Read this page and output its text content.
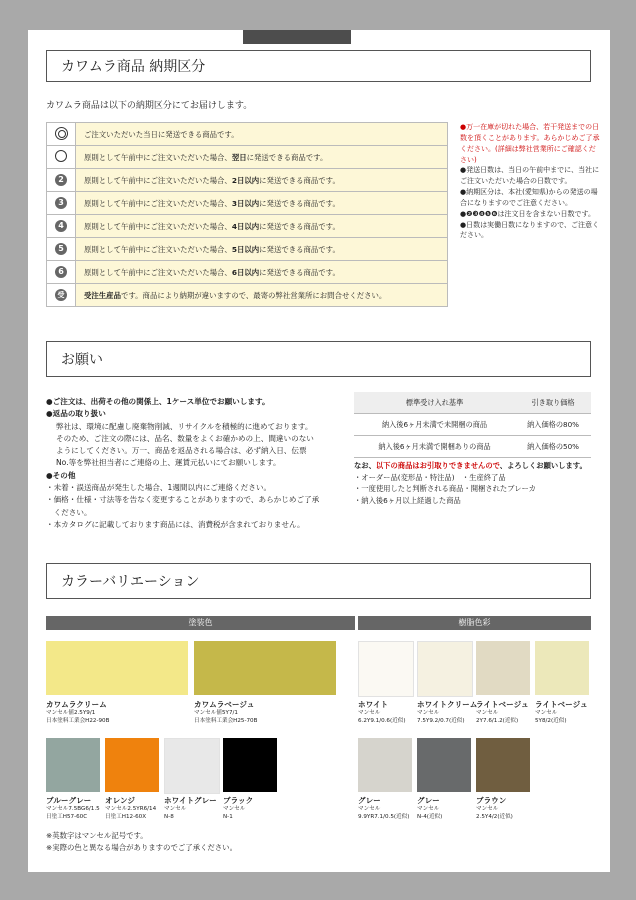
カワムラ商品 納期区分
カワムラ商品は以下の納期区分にてお届けします。
	ご注文いただいた当日に発送できる商品です。
	原則として午前中にご注文いただいた場合、翌日に発送できる商品です。
2	原則として午前中にご注文いただいた場合、2日以内に発送できる商品です。
3	原則として午前中にご注文いただいた場合、3日以内に発送できる商品です。
4	原則として午前中にご注文いただいた場合、4日以内に発送できる商品です。
5	原則として午前中にご注文いただいた場合、5日以内に発送できる商品です。
6	原則として午前中にご注文いただいた場合、6日以内に発送できる商品です。
受	受注生産品です。商品により納期が違いますので、最寄の弊社営業所にお問合せください。
●万一在庫が切れた場合、若干発送までの日数を頂くことがあります。あらかじめご了承ください。(詳細は弊社営業所にご確認ください)
●発送日数は、当日の午前中までに、当社にご注文いただいた場合の日数です。
●納期区分は、本社(愛知県)からの発送の場合になりますのでご注意ください。
●❷❸❹❺❻は注文日を含まない日数です。
●日数は実働日数になりますので、ご注意ください。
お願い
●ご注文は、出荷その他の関係上、1ケース単位でお願いします。
●返品の取り扱い
弊社は、環境に配慮し廃棄物削減、リサイクルを積極的に進めております。
そのため、ご注文の際には、品名、数量をよくお確かめの上、間違いのない
ようにしてください。万一、商品を返品される場合は、必ず納入日、伝票
No.等を弊社担当者にご連絡の上、運賃元払いにてお願いします。
●その他
・未着・誤送商品が発生した場合、1週間以内にご連絡ください。
・価格・仕様・寸法等を告なく変更することがありますので、あらかじめご了承
　ください。
・本カタログに記載しております商品には、消費税が含まれておりません。
標準受け入れ基準	引き取り価格
納入後6ヶ月未満で未開梱の商品	納入価格の80%
納入後6ヶ月未満で開梱ありの商品	納入価格の50%
なお、以下の商品はお引取りできませんので、よろしくお願いします。
・オーダー品(変形品・特注品)　・生産終了品
・一度使用したと判断される商品・開梱されたブレーカ
・納入後6ヶ月以上経過した商品
カラーバリエーション
塗装色	樹脂色彩
カワムラクリーム
マンセル値2.5Y9/1
日本塗料工業会H22-90B
カワムラベージュ
マンセル値5Y7/1
日本塗料工業会H25-70B
ブルーグレー
マンセル7.5BG6/1.5
日塗工H57-60C
オレンジ
マンセル2.5YR6/14
日塗工H12-60X
ホワイトグレー
マンセル
N-8
ブラック
マンセル
N-1
ホワイト
マンセル
6.2Y9.1/0.6(近似)
ホワイトクリーム
マンセル
7.5Y9.2/0.7(近似)
ライトベージュ
マンセル
2Y7.6/1.2(近似)
ライトベージュ
マンセル
5Y8/2(近似)
グレー
マンセル
9.9YR7.1/0.5(近似)
グレー
マンセル
N-4(近似)
ブラウン
マンセル
2.5Y4/2(近似)
※英数字はマンセル記号です。
※実際の色と異なる場合がありますのでご了承ください。
